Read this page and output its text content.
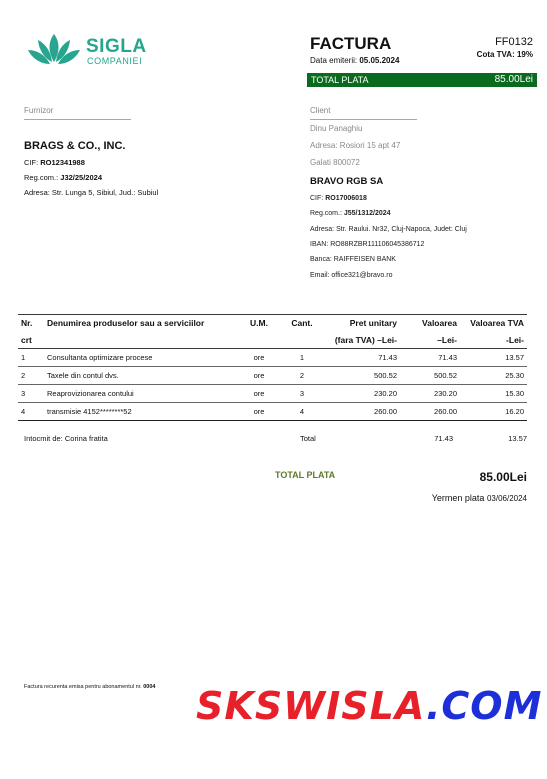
SIGLA
COMPANIEI
FACTURA
Data emiterii: 05.05.2024
FF0132
Cota TVA: 19%
TOTAL PLATA	85.00Lei
Furnizor
BRAGS & CO., INC.
CIF: RO12341988
Reg.com.: J32/25/2024
Adresa: Str. Lunga 5, Sibiul, Jud.: Subiul
Client
Dinu Panaghiu
Adresa: Rosiori 15 apt 47
Galati 800072
BRAVO RGB SA
CIF: RO17006018
Reg.com.: J55/1312/2024
Adresa: Str. Raului. Nr32, Cluj-Napoca, Judet: Cluj
IBAN: RO88RZBR111106045386712
Banca: RAIFFEISEN BANK
Email: office321@bravo.ro
Nr.	Denumirea produselor sau a serviciilor	U.M.	Cant.	Pret unitary	Valoarea	Valoarea TVA
crt				(fara TVA) –Lei-	–Lei-	-Lei-
1	Consultanta optimizare procese	ore	1	71.43	71.43	13.57
2	Taxele din contul dvs.	ore	2	500.52	500.52	25.30
3	Reaprovizionarea contului	ore	3	230.20	230.20	15.30
4	transmisie 4152********52	ore	4	260.00	260.00	16.20
Intocmit de: Corina fratita	Total	71.43	13.57
TOTAL PLATA	85.00Lei
Yermen plata 03/06/2024
Factura recurenta emisa pentru abonamentul nr. 0004 SKSWISLA.COM
